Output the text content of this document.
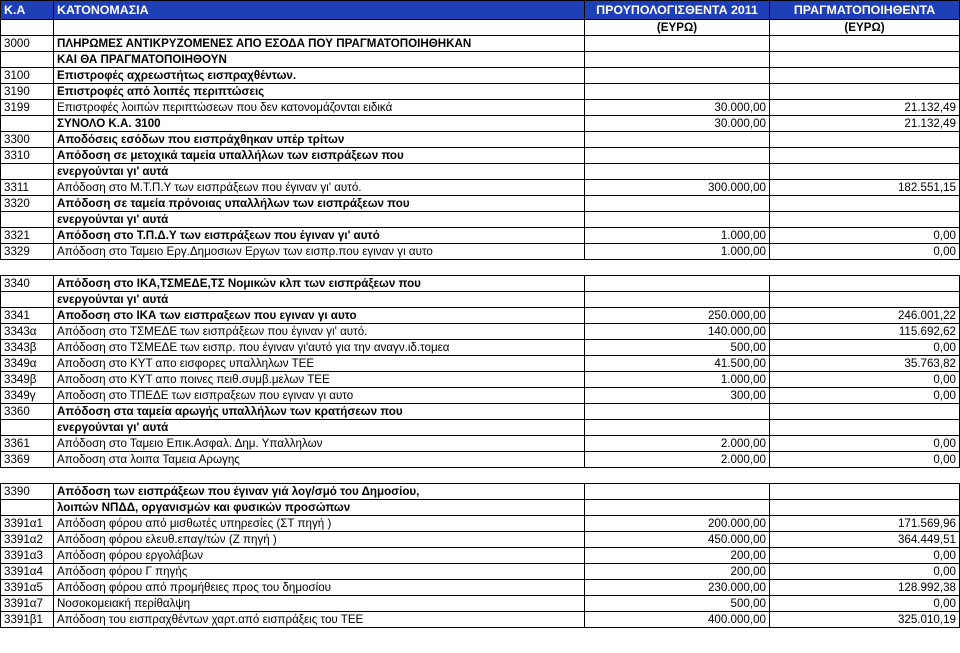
K.A	ΚΑΤΟΝΟΜΑΣΙΑ	ΠΡΟΥΠΟΛΟΓΙΣΘΕΝΤΑ 2011	ΠΡΑΓΜΑΤΟΠΟΙΗΘΕΝΤΑ
		(ΕΥΡΩ)	(ΕΥΡΩ)
3000	ΠΛΗΡΩΜΕΣ ΑΝΤΙΚΡΥΖΟΜΕΝΕΣ ΑΠΟ ΕΣΟΔΑ ΠΟΥ ΠΡΑΓΜΑΤΟΠΟΙΗΘΗΚΑΝ		
	ΚΑΙ ΘΑ ΠΡΑΓΜΑΤΟΠΟΙΗΘΟΥΝ		
3100	Επιστροφές αχρεωστήτως εισπραχθέντων.		
3190	Επιστροφές από λοιπές περιπτώσεις		
3199	Επιστροφές λοιπών περιπτώσεων που δεν κατονομάζονται ειδικά	30.000,00	21.132,49
	ΣΥΝΟΛΟ Κ.Α. 3100	30.000,00	21.132,49
3300	Αποδόσεις εσόδων που εισπράχθηκαν υπέρ τρίτων		
3310	Απόδοση σε μετοχικά ταμεία υπαλλήλων των εισπράξεων που		
	ενεργούνται γι' αυτά		
3311	Απόδοση στο Μ.Τ.Π.Υ των εισπράξεων που έγιναν γι' αυτό.	300.000,00	182.551,15
3320	Απόδοση σε ταμεία πρόνοιας υπαλλήλων των εισπράξεων που		
	ενεργούνται γι' αυτά		
3321	Απόδοση στο Τ.Π.Δ.Υ των εισπράξεων που έγιναν γι' αυτό	1.000,00	0,00
3329	Απόδοση στο Ταμειο Εργ.Δημοσιων Εργων των εισπρ.που εγιναν γι αυτο	1.000,00	0,00

3340	Απόδοση στο ΙΚΑ,ΤΣΜΕΔΕ,ΤΣ Νομικών κλπ των εισπράξεων που		
	ενεργούνται γι' αυτά		
3341	Αποδοση στο ΙΚΑ των εισπραξεων που εγιναν γι αυτο	250.000,00	246.001,22
3343α	Απόδοση στο ΤΣΜΕΔΕ των εισπράξεων που έγιναν γι' αυτό.	140.000,00	115.692,62
3343β	Απόδοση στο ΤΣΜΕΔΕ των εισπρ. που έγιναν γι'αυτό για την αναγν.ιδ.τομεα	500,00	0,00
3349α	Αποδοση στο ΚΥΤ απο εισφορες υπαλληλων ΤΕΕ	41.500,00	35.763,82
3349β	Αποδοση στο ΚΥΤ απο ποινες πειθ.συμβ.μελων ΤΕΕ	1.000,00	0,00
3349γ	Αποδοση στο ΤΠΕΔΕ των εισπραξεων που εγιναν γι αυτο	300,00	0,00
3360	Απόδοση στα ταμεία αρωγής υπαλλήλων των κρατήσεων που		
	ενεργούνται γι' αυτά		
3361	Απόδοση στο Ταμειο Επικ.Ασφαλ. Δημ. Υπαλληλων	2.000,00	0,00
3369	Αποδοση στα λοιπα Ταμεια Αρωγης	2.000,00	0,00

3390	Απόδοση των εισπράξεων που έγιναν γιά λογ/σμό του Δημοσίου,		
	λοιπών ΝΠΔΔ, οργανισμών και φυσικών προσώπων		
3391α1	Απόδοση φόρου από μισθωτές υπηρεσίες (ΣΤ πηγή )	200.000,00	171.569,96
3391α2	Απόδοση φόρου ελευθ.επαγ/τών (Ζ πηγή )	450.000,00	364.449,51
3391α3	Απόδοση φόρου εργολάβων	200,00	0,00
3391α4	Απόδοση φόρου Γ πηγής	200,00	0,00
3391α5	Απόδοση φόρου από προμήθειες προς του δημοσίου	230.000,00	128.992,38
3391α7	Νοσοκομειακή περίθαλψη	500,00	0,00
3391β1	Απόδοση του εισπραχθέντων χαρτ.από εισπράξεις του ΤΕΕ	400.000,00	325.010,19
